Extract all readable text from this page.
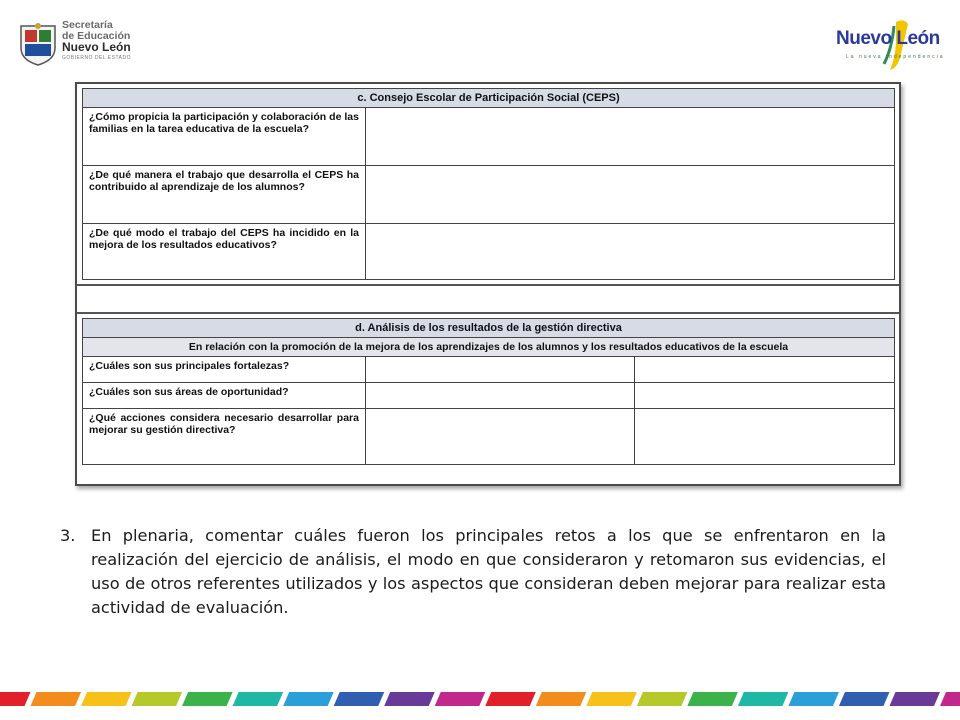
Secretaría
de Educación
Nuevo León
GOBIERNO DEL ESTADO
Nuevo León
La nueva independencia
c. Consejo Escolar de Participación Social (CEPS)	
¿Cómo propicia la participación y colaboración de las familias en la tarea educativa de la escuela?	
¿De qué manera el trabajo que desarrolla el CEPS ha contribuido al aprendizaje de los alumnos?	
¿De qué modo el trabajo del CEPS ha incidido en la mejora de los resultados educativos?	
d. Análisis de los resultados de la gestión directiva		
En relación con la promoción de la mejora de los aprendizajes de los alumnos y los resultados educativos de la escuela		
¿Cuáles son sus principales fortalezas?		
¿Cuáles son sus áreas de oportunidad?		
¿Qué acciones considera necesario desarrollar para mejorar su gestión directiva?		
3. En plenaria, comentar cuáles fueron los principales retos a los que se enfrentaron en la realización del ejercicio de análisis, el modo en que consideraron y retomaron sus evidencias, el uso de otros referentes utilizados y los aspectos que consideran deben mejorar para realizar esta actividad de evaluación.
